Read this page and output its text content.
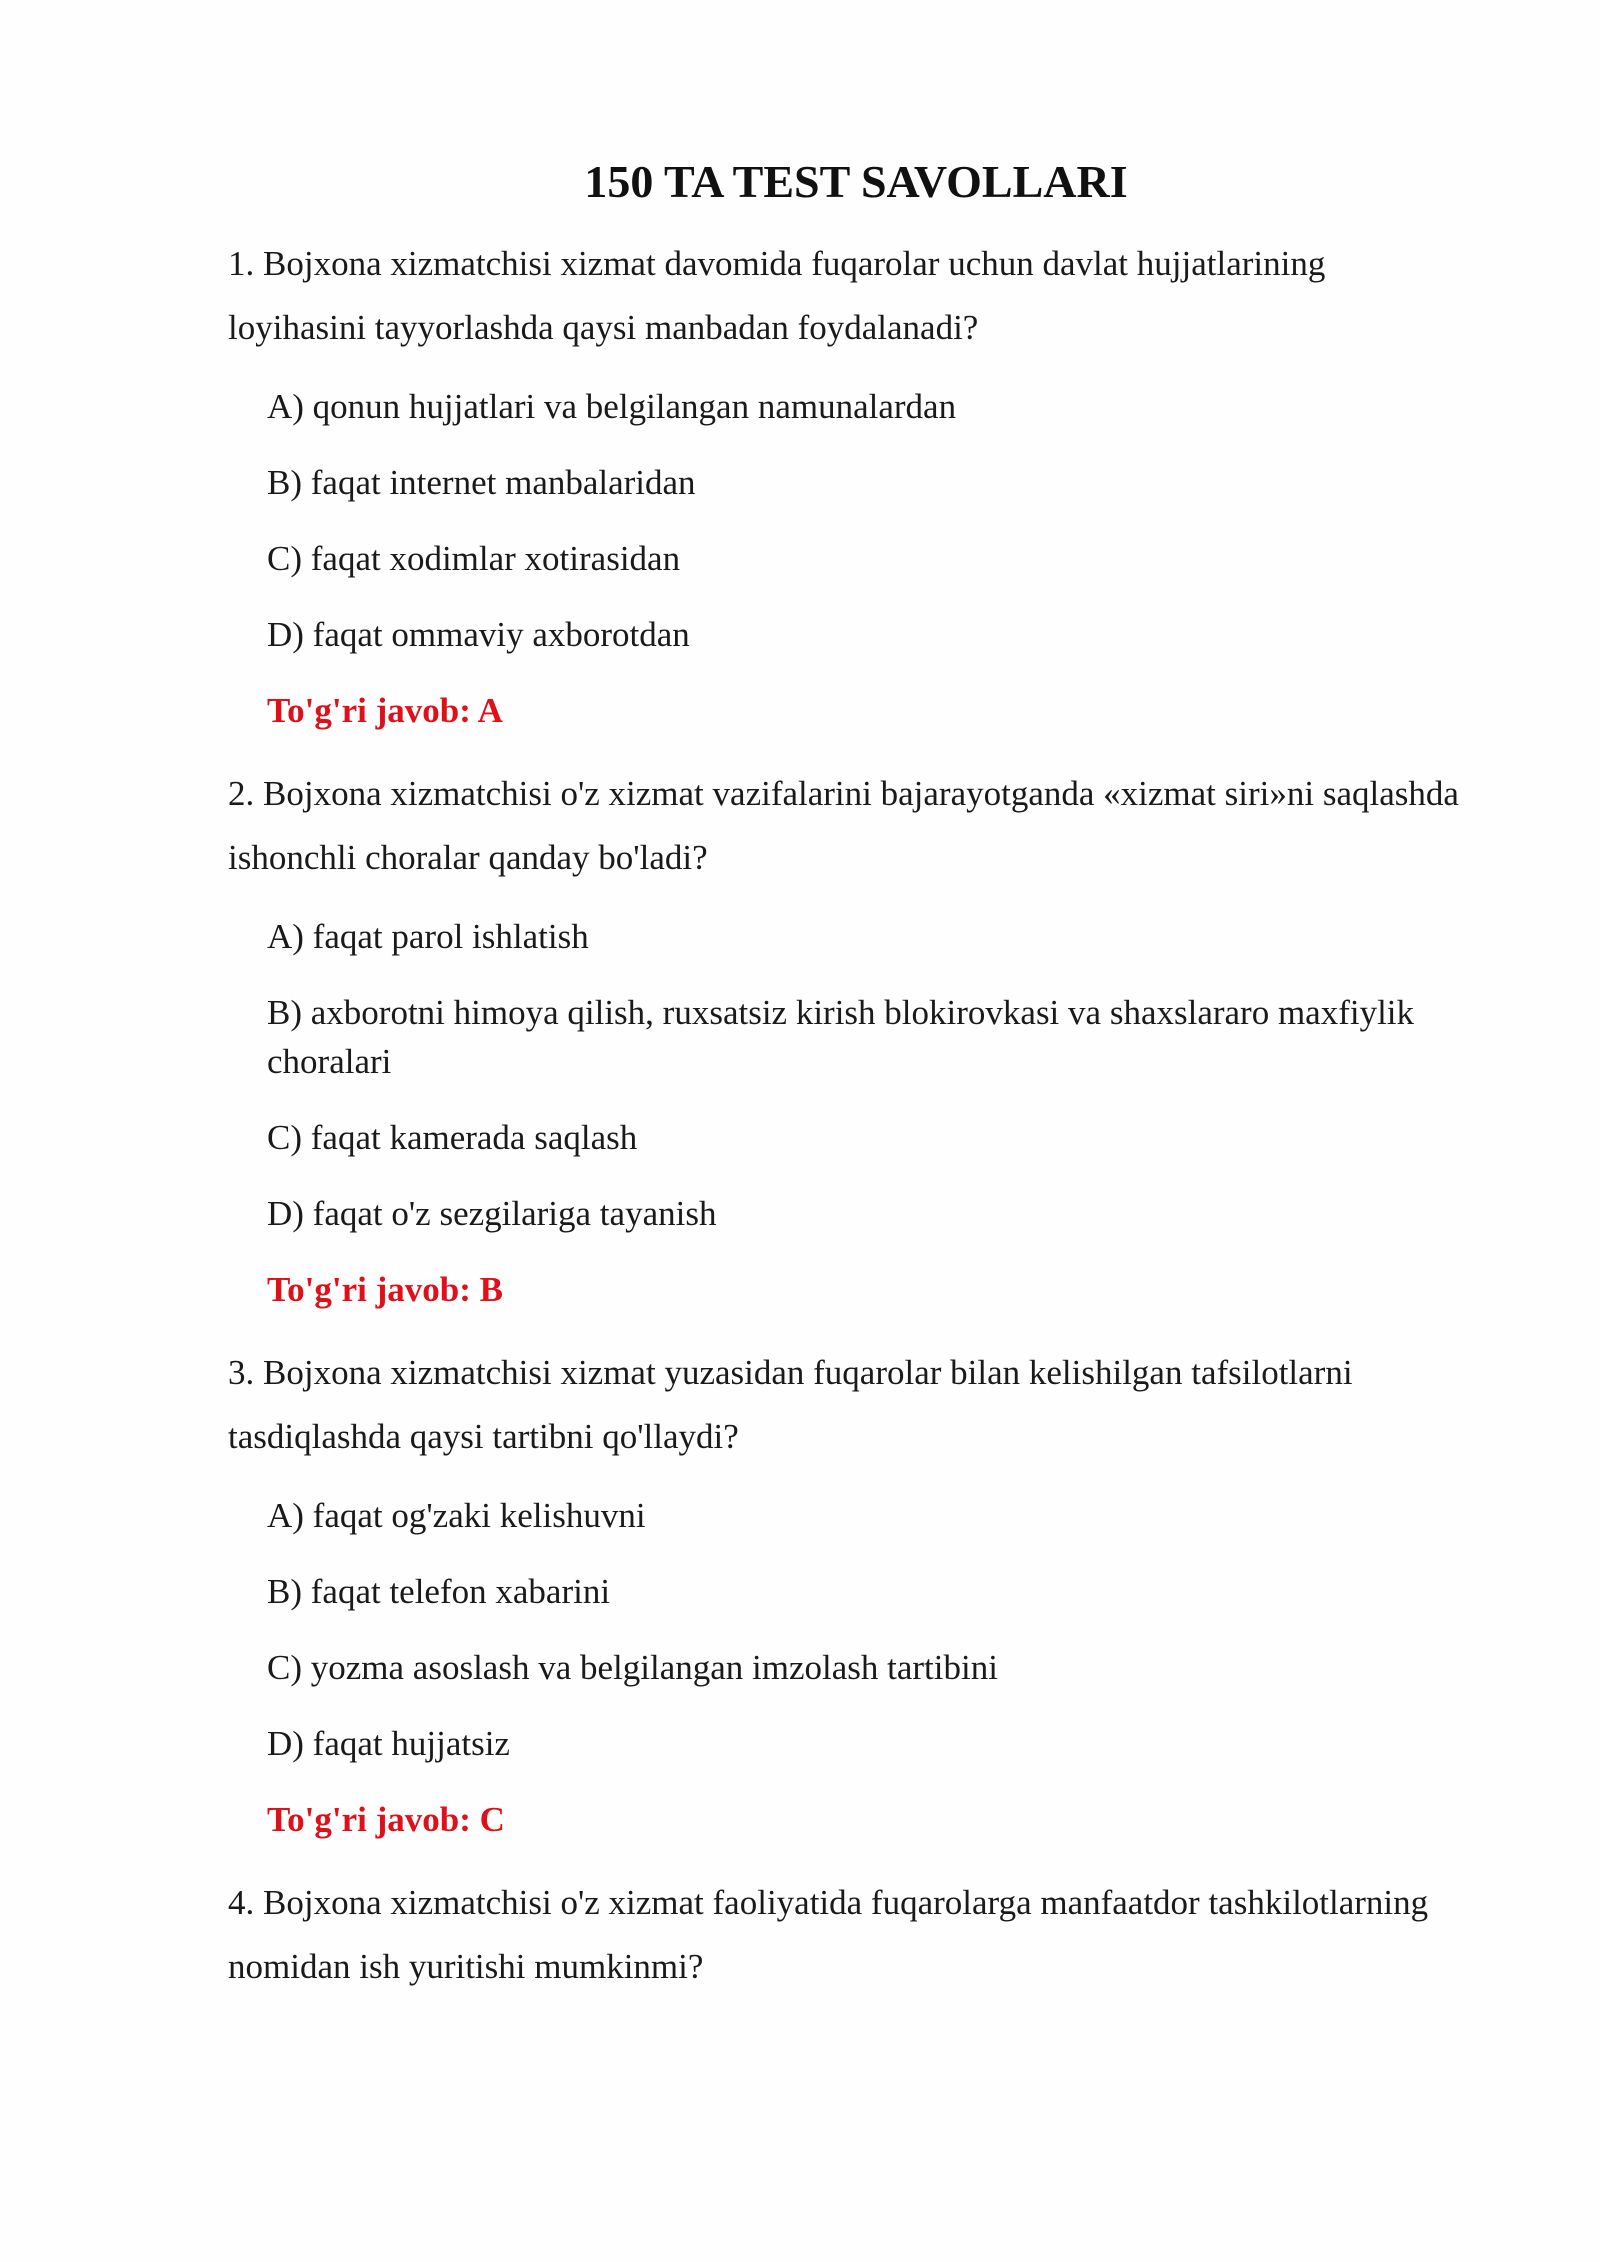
150 TA TEST SAVOLLARI

1. Bojxona xizmatchisi xizmat davomida fuqarolar uchun davlat hujjatlarining loyihasini tayyorlashda qaysi manbadan foydalanadi?

A) qonun hujjatlari va belgilangan namunalardan

B) faqat internet manbalaridan

C) faqat xodimlar xotirasidan

D) faqat ommaviy axborotdan

To'g'ri javob: A

2. Bojxona xizmatchisi o'z xizmat vazifalarini bajarayotganda «xizmat siri»ni saqlashda ishonchli choralar qanday bo'ladi?

A) faqat parol ishlatish

B) axborotni himoya qilish, ruxsatsiz kirish blokirovkasi va shaxslararo maxfiylik choralari

C) faqat kamerada saqlash

D) faqat o'z sezgilariga tayanish

To'g'ri javob: B

3. Bojxona xizmatchisi xizmat yuzasidan fuqarolar bilan kelishilgan tafsilotlarni tasdiqlashda qaysi tartibni qo'llaydi?

A) faqat og'zaki kelishuvni

B) faqat telefon xabarini

C) yozma asoslash va belgilangan imzolash tartibini

D) faqat hujjatsiz

To'g'ri javob: C

4. Bojxona xizmatchisi o'z xizmat faoliyatida fuqarolarga manfaatdor tashkilotlarning nomidan ish yuritishi mumkinmi?
